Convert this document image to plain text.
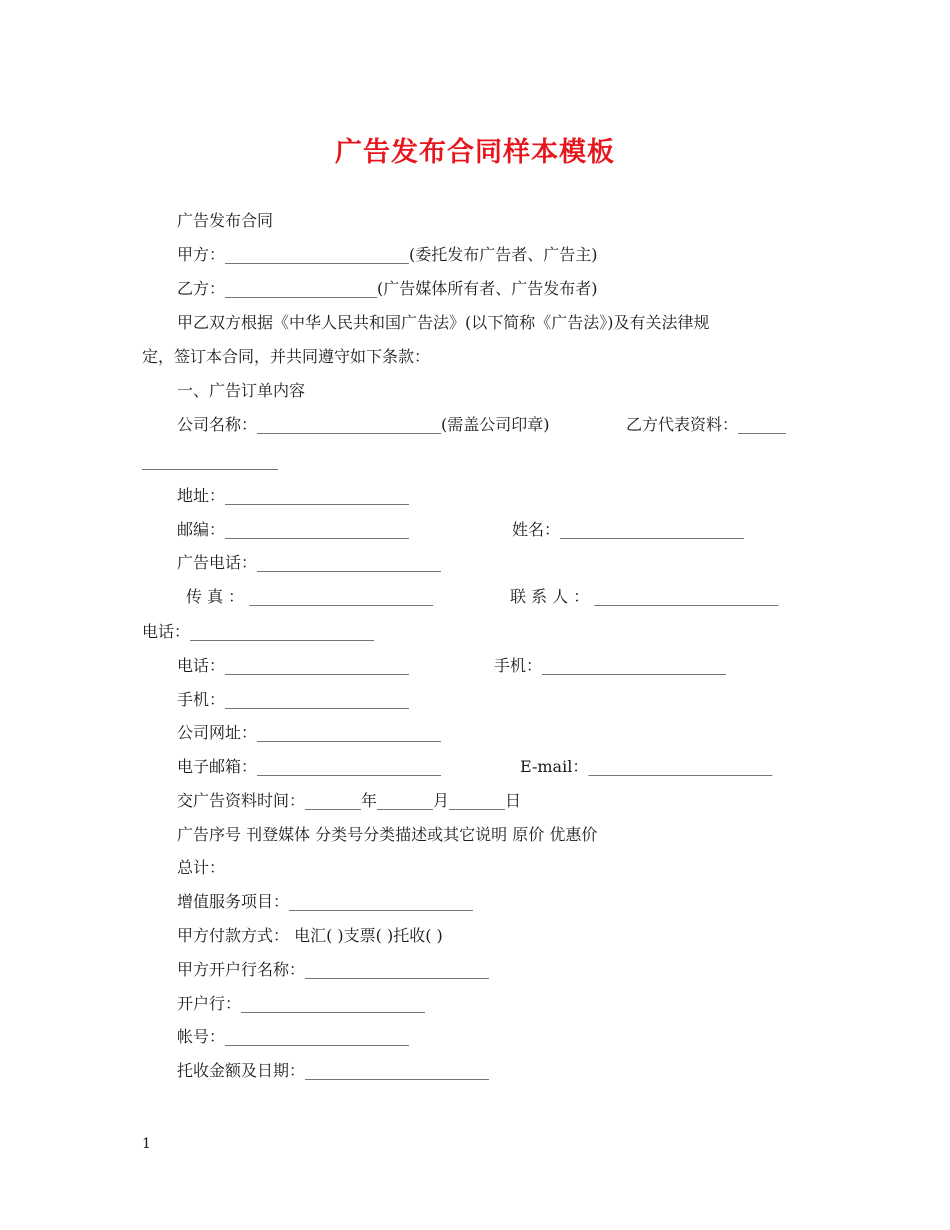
广告发布合同样本模板
广告发布合同
甲方：_______________________(委托发布广告者、广告主)
乙方：___________________(广告媒体所有者、广告发布者)
甲乙双方根据《中华人民共和国广告法》(以下简称《广告法》)及有关法律规
定，签订本合同，并共同遵守如下条款：
一、广告订单内容
公司名称：_______________________(需盖公司印章)	乙方代表资料：______
_________________
地址：_______________________
邮编：_______________________	姓名：_______________________
广告电话：_______________________
传 真 ： _______________________	联 系 人 ： _______________________
电话：_______________________
电话：_______________________	手机：_______________________
手机：_______________________
公司网址：_______________________
电子邮箱：_______________________	E-mail：_______________________
交广告资料时间：_______年_______月_______日
广告序号 刊登媒体 分类号分类描述或其它说明 原价 优惠价
总计：
增值服务项目：_______________________
甲方付款方式： 电汇( )支票( )托收( )
甲方开户行名称：_______________________
开户行：_______________________
帐号：_______________________
托收金额及日期：_______________________
1
